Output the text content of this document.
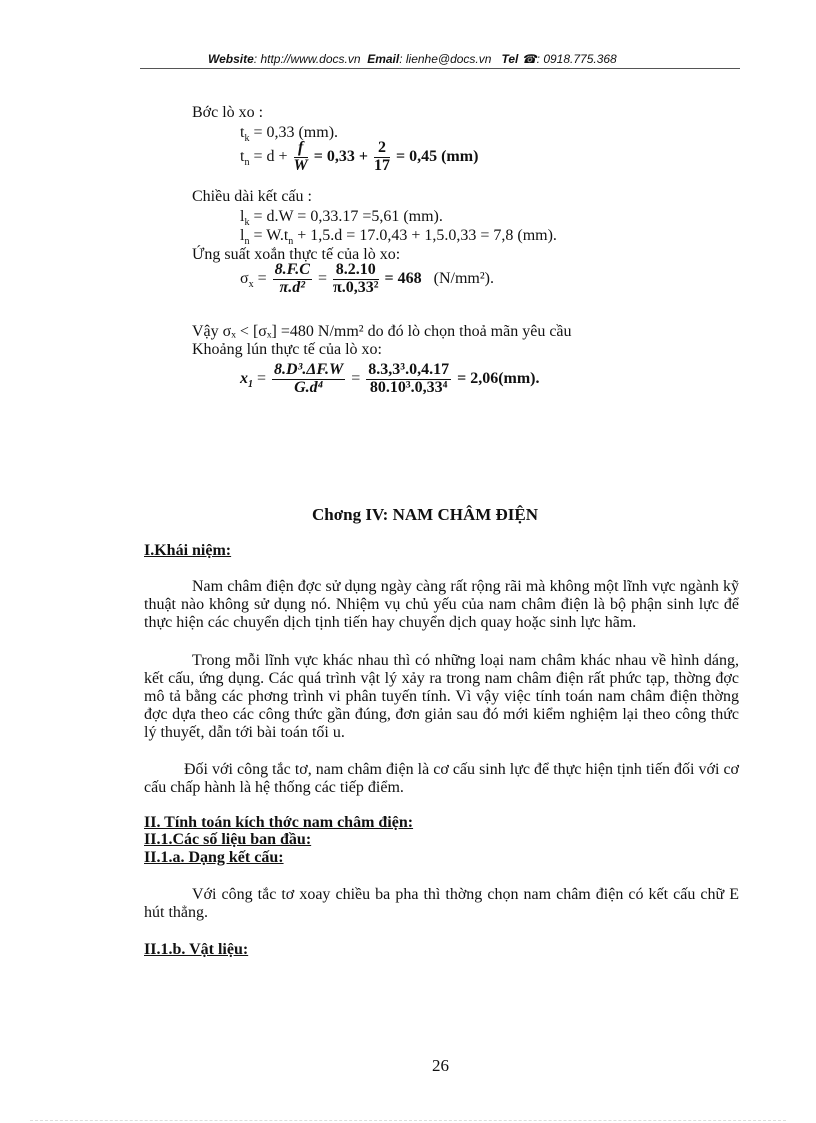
Website: http://www.docs.vn Email: lienhe@docs.vn Tel ☎: 0918.775.368
Bớc lò xo :
$t_k = 0,33$ (mm).
$t_n = d + \frac{f}{W} = 0,33 + \frac{2}{17} = 0,45$ (mm)
Chiều dài kết cấu :
$l_k = d.W = 0,33.17 =5,61$ (mm).
$l_n = W.t_n + 1,5.d = 17.0,43 + 1,5.0,33 = 7,8$ (mm).
Ứng suất xoắn thực tế của lò xo:
$\sigma_x = \frac{8.F.C}{\text{π.d²}} = \frac{8.2.10}{\text{π.0,33²}} = 468$ (N/mm²).
Vậy σₓ < [σₓ] =480 N/mm² do đó lò chọn thoả mãn yêu cầu
Khoảng lún thực tế của lò xo:
$x_1 = \frac{\text{8.D³.ΔF.W}}{\text{G.d⁴}} = \frac{\text{8.3,3³.0,4.17}}{\text{80.10³.0,33⁴}} = 2,06(mm)$.
Chơng IV: NAM CHÂM ĐIỆN
I.Khái niệm:
Nam châm điện đợc sử dụng ngày càng rất rộng rãi mà không một lĩnh vực ngành kỹ thuật nào không sử dụng nó. Nhiệm vụ chủ yếu của nam châm điện là bộ phận sinh lực để thực hiện các chuyển dịch tịnh tiến hay chuyển dịch quay hoặc sinh lực hãm.
Trong mỗi lĩnh vực khác nhau thì có những loại nam châm khác nhau về hình dáng, kết cấu, ứng dụng. Các quá trình vật lý xảy ra trong nam châm điện rất phức tạp, thờng đợc mô tả bằng các phơng trình vi phân tuyến tính. Vì vậy việc tính toán nam châm điện thờng đợc dựa theo các công thức gần đúng, đơn giản sau đó mới kiểm nghiệm lại theo công thức lý thuyết, dẫn tới bài toán tối u.
Đối với công tắc tơ, nam châm điện là cơ cấu sinh lực để thực hiện tịnh tiến đối với cơ cấu chấp hành là hệ thống các tiếp điểm.
II. Tính toán kích thớc nam châm điện:
II.1.Các số liệu ban đầu:
II.1.a. Dạng kết cấu:
Với công tắc tơ xoay chiều ba pha thì thờng chọn nam châm điện có kết cấu chữ E hút thẳng.
II.1.b. Vật liệu:
26
